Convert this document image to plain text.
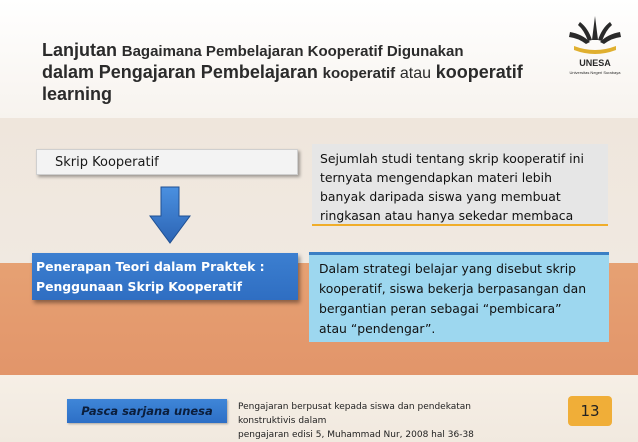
Lanjutan Bagaimana Pembelajaran Kooperatif Digunakan
dalam Pengajaran Pembelajaran kooperatif atau kooperatif
learning
UNESA
Universitas Negeri Surabaya
Skrip Kooperatif	Sejumlah studi tentang skrip kooperatif ini
ternyata mengendapkan materi lebih
banyak daripada siswa yang membuat
ringkasan atau hanya sekedar membaca
Penerapan Teori dalam Praktek :
Penggunaan Skrip Kooperatif
Dalam strategi belajar yang disebut skrip
kooperatif, siswa bekerja berpasangan dan
bergantian peran sebagai “pembicara”
atau “pendengar”.
Pasca sarjana unesa	Pengajaran berpusat kepada siswa dan pendekatan konstruktivis dalam
pengajaran edisi 5, Muhammad Nur, 2008 hal 36-38
13
